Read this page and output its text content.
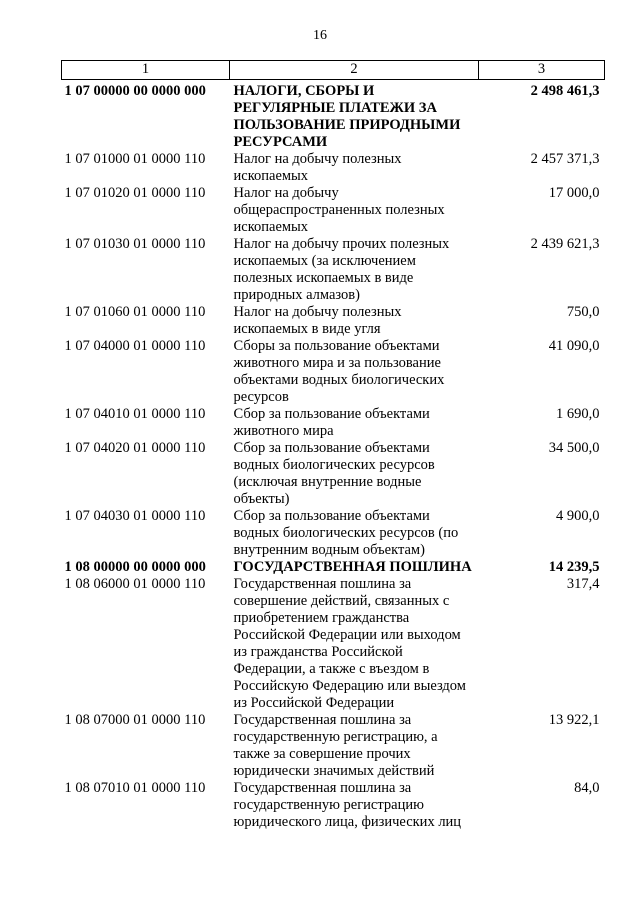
16
1	2	3
1 07 00000 00 0000 000	НАЛОГИ, СБОРЫ И РЕГУЛЯРНЫЕ ПЛАТЕЖИ ЗА ПОЛЬЗОВАНИЕ ПРИРОДНЫМИ РЕСУРСАМИ	2 498 461,3
1 07 01000 01 0000 110	Налог на добычу полезных ископаемых	2 457 371,3
1 07 01020 01 0000 110	Налог на добычу общераспространенных полезных ископаемых	17 000,0
1 07 01030 01 0000 110	Налог на добычу прочих полезных ископаемых (за исключением полезных ископаемых в виде природных алмазов)	2 439 621,3
1 07 01060 01 0000 110	Налог на добычу полезных ископаемых в виде угля	750,0
1 07 04000 01 0000 110	Сборы за пользование объектами животного мира и за пользование объектами водных биологических ресурсов	41 090,0
1 07 04010 01 0000 110	Сбор за пользование объектами животного мира	1 690,0
1 07 04020 01 0000 110	Сбор за пользование объектами водных биологических ресурсов (исключая внутренние водные объекты)	34 500,0
1 07 04030 01 0000 110	Сбор за пользование объектами водных биологических ресурсов (по внутренним водным объектам)	4 900,0
1 08 00000 00 0000 000	ГОСУДАРСТВЕННАЯ ПОШЛИНА	14 239,5
1 08 06000 01 0000 110	Государственная пошлина за совершение действий, связанных с приобретением гражданства Российской Федерации или выходом из гражданства Российской Федерации, а также с въездом в Российскую Федерацию или выездом из Российской Федерации	317,4
1 08 07000 01 0000 110	Государственная пошлина за государственную регистрацию, а также за совершение прочих юридически значимых действий	13 922,1
1 08 07010 01 0000 110	Государственная пошлина за государственную регистрацию юридического лица, физических лиц	84,0
